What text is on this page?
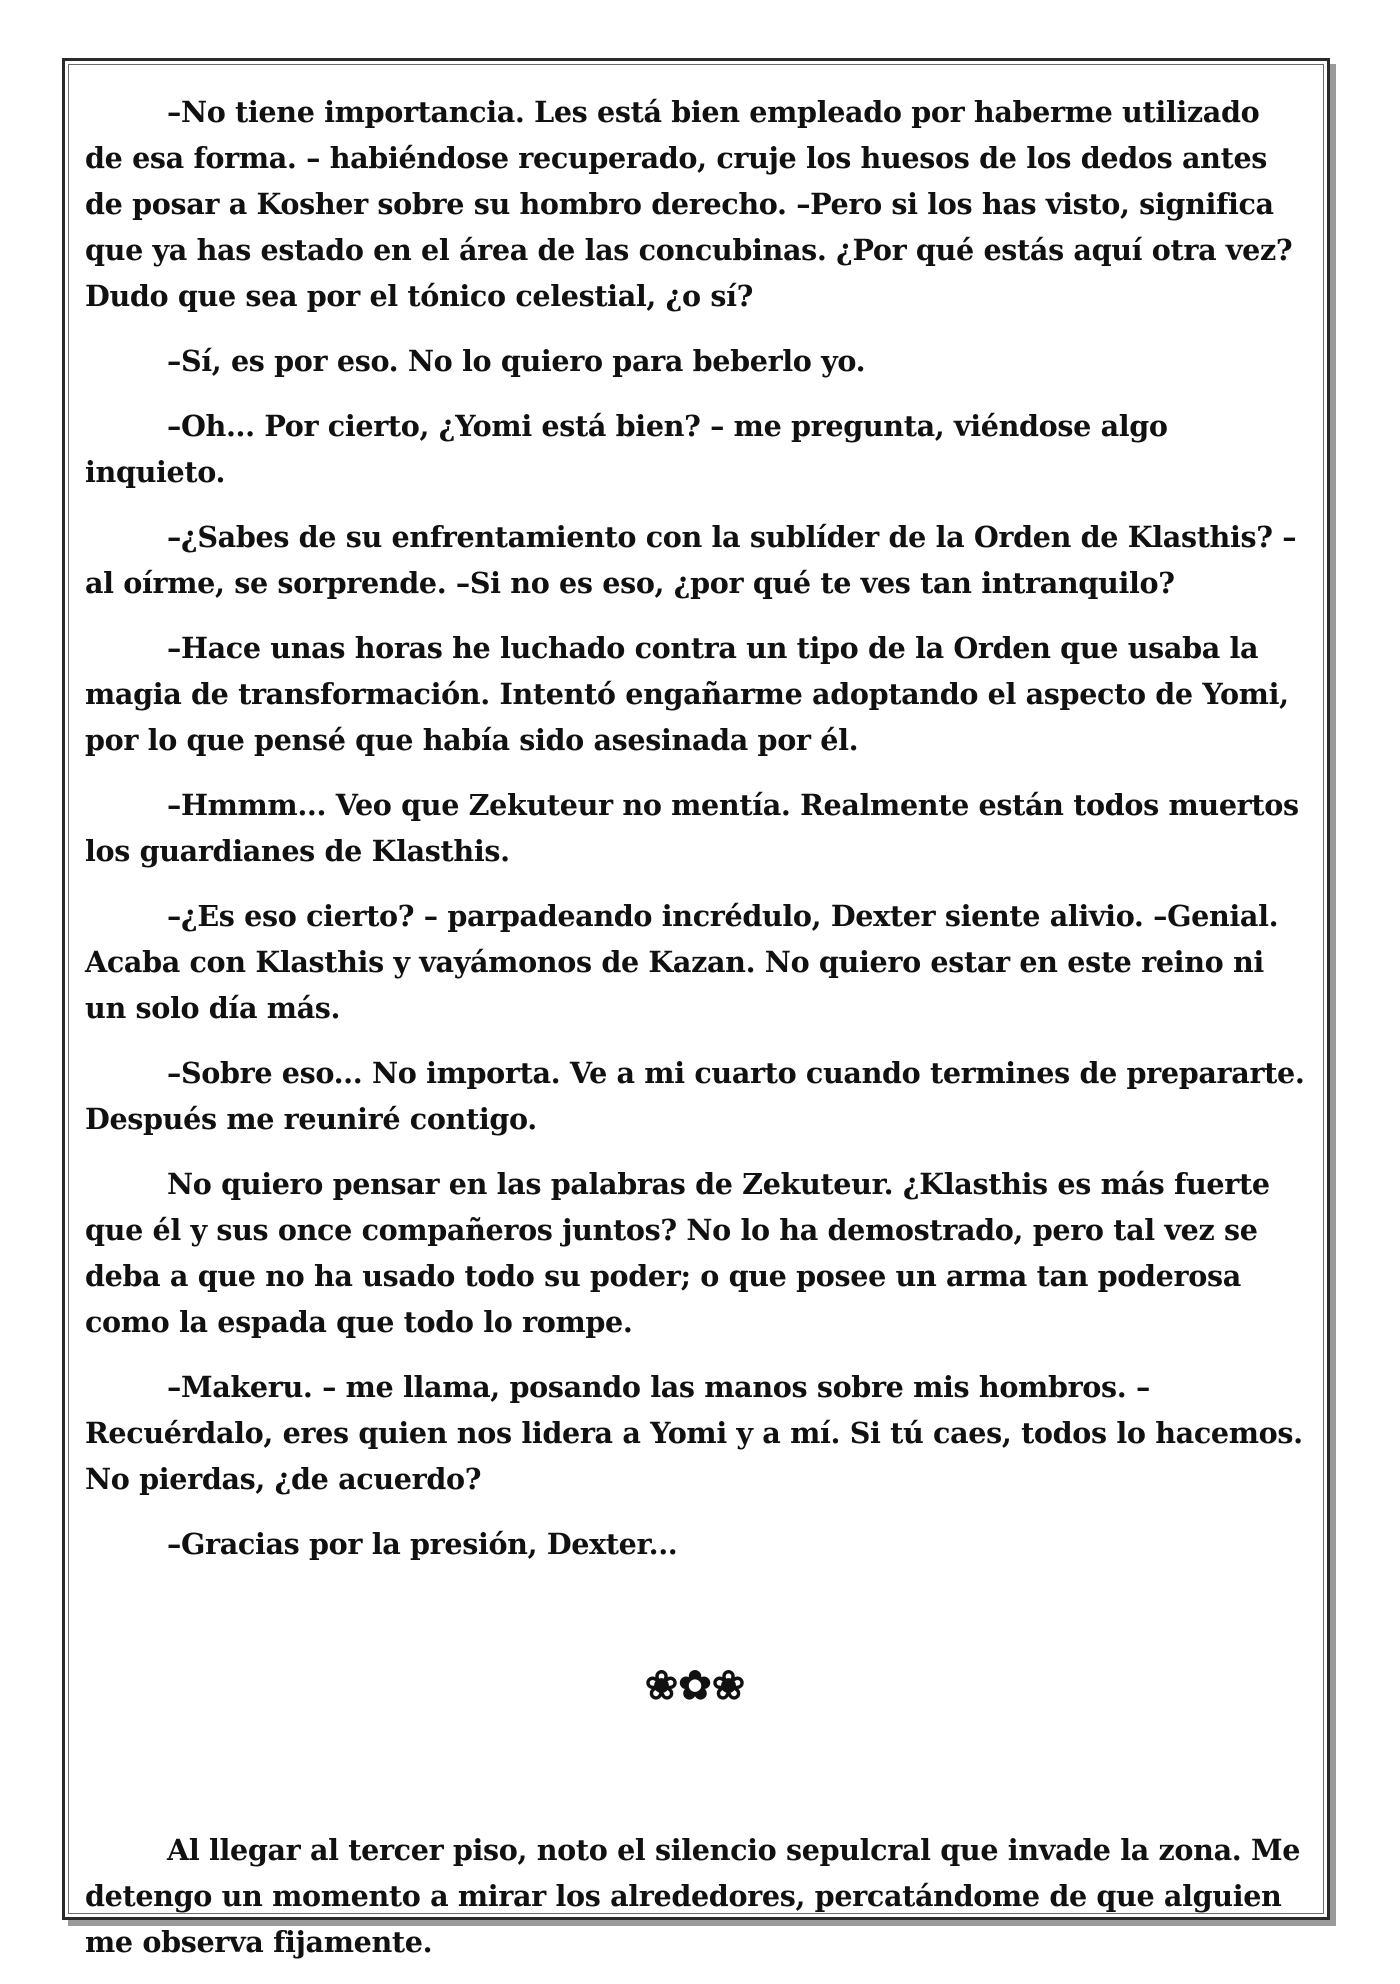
–No tiene importancia. Les está bien empleado por haberme utilizado de esa forma. – habiéndose recuperado, cruje los huesos de los dedos antes de posar a Kosher sobre su hombro derecho. –Pero si los has visto, significa que ya has estado en el área de las concubinas. ¿Por qué estás aquí otra vez? Dudo que sea por el tónico celestial, ¿o sí?

–Sí, es por eso. No lo quiero para beberlo yo.

–Oh... Por cierto, ¿Yomi está bien? – me pregunta, viéndose algo inquieto.

–¿Sabes de su enfrentamiento con la sublíder de la Orden de Klasthis? – al oírme, se sorprende. –Si no es eso, ¿por qué te ves tan intranquilo?

–Hace unas horas he luchado contra un tipo de la Orden que usaba la magia de transformación. Intentó engañarme adoptando el aspecto de Yomi, por lo que pensé que había sido asesinada por él.

–Hmmm... Veo que Zekuteur no mentía. Realmente están todos muertos los guardianes de Klasthis.

–¿Es eso cierto? – parpadeando incrédulo, Dexter siente alivio. –Genial. Acaba con Klasthis y vayámonos de Kazan. No quiero estar en este reino ni un solo día más.

–Sobre eso... No importa. Ve a mi cuarto cuando termines de prepararte. Después me reuniré contigo.

No quiero pensar en las palabras de Zekuteur. ¿Klasthis es más fuerte que él y sus once compañeros juntos? No lo ha demostrado, pero tal vez se deba a que no ha usado todo su poder; o que posee un arma tan poderosa como la espada que todo lo rompe.

–Makeru. – me llama, posando las manos sobre mis hombros. –Recuérdalo, eres quien nos lidera a Yomi y a mí. Si tú caes, todos lo hacemos. No pierdas, ¿de acuerdo?

–Gracias por la presión, Dexter...

❀✿❀

Al llegar al tercer piso, noto el silencio sepulcral que invade la zona. Me detengo un momento a mirar los alrededores, percatándome de que alguien me observa fijamente.
